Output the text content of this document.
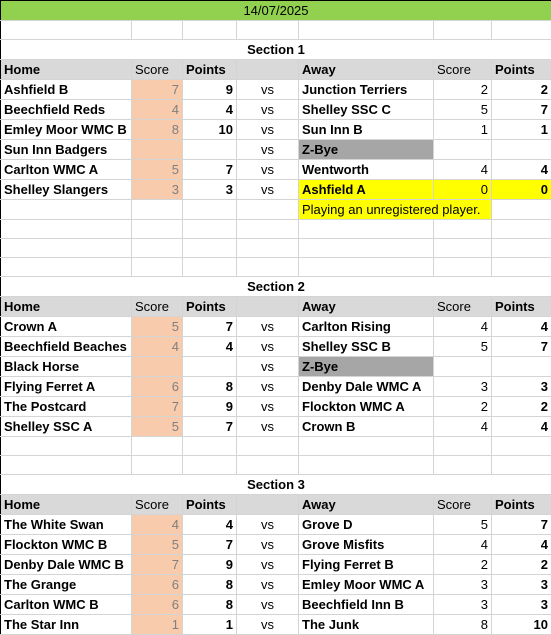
14/07/2025						

Section 1						
Home	Score	Points		Away	Score	Points
Ashfield B	7	9	vs	Junction Terriers	2	2
Beechfield Reds	4	4	vs	Shelley SSC C	5	7
Emley Moor WMC B	8	10	vs	Sun Inn B	1	1
Sun Inn Badgers			vs	Z-Bye		
Carlton WMC A	5	7	vs	Wentworth	4	4
Shelley Slangers	3	3	vs	Ashfield A	0	0
				Playing an unregistered player.		

Section 2						
Home	Score	Points		Away	Score	Points
Crown A	5	7	vs	Carlton Rising	4	4
Beechfield Beaches	4	4	vs	Shelley SSC B	5	7
Black Horse			vs	Z-Bye		
Flying Ferret A	6	8	vs	Denby Dale WMC A	3	3
The Postcard	7	9	vs	Flockton WMC A	2	2
Shelley SSC A	5	7	vs	Crown B	4	4

Section 3						
Home	Score	Points		Away	Score	Points
The White Swan	4	4	vs	Grove D	5	7
Flockton WMC B	5	7	vs	Grove Misfits	4	4
Denby Dale WMC B	7	9	vs	Flying Ferret B	2	2
The Grange	6	8	vs	Emley Moor WMC A	3	3
Carlton WMC B	6	8	vs	Beechfield Inn B	3	3
The Star Inn	1	1	vs	The Junk	8	10
